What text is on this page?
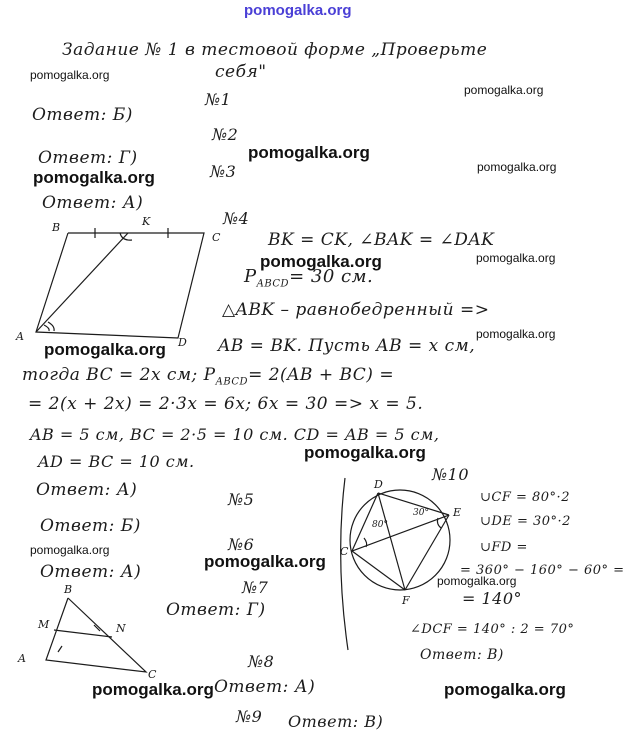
pomogalka.org
Задание № 1 в тестовой форме „Проверьте
себя"
pomogalka.org
pomogalka.org
pomogalka.org
pomogalka.org
pomogalka.org
pomogalka.org	pomogalka.org
pomogalka.org
pomogalka.org
pomogalka.org
pomogalka.org
pomogalka.org
pomogalka.org
pomogalka.org	pomogalka.org
№1
Ответ: Б)
№2
Ответ: Г)
№3
Ответ: А)
№4
B	K
C
A	D
BK = CK, ∠BAK = ∠DAK
$P_{ABCD}= 30$ см.
△ABK – равнобедренный =>
AB = BK. Пусть AB = x см,
тогда BC = 2x см; $P_{ABCD}= 2(AB + BC)$ =
= 2(x + 2x) = 2·3x = 6x; 6x = 30 => x = 5.
AB = 5 см, BC = 2·5 = 10 см. CD = AB = 5 см,
AD = BC = 10 см.
Ответ: А)	№5
Ответ: Б)
№6
Ответ: А)
D
E
C
F
80°
30°
№10
∪CF = 80°·2
∪DE = 30°·2
∪FD =
= 360° − 160° − 60° =
= 140°
∠DCF = 140° : 2 = 70°
Ответ: В)
B
M	N
A
C
№7
Ответ: Г)
№8
Ответ: А)
№9 Ответ: В)
